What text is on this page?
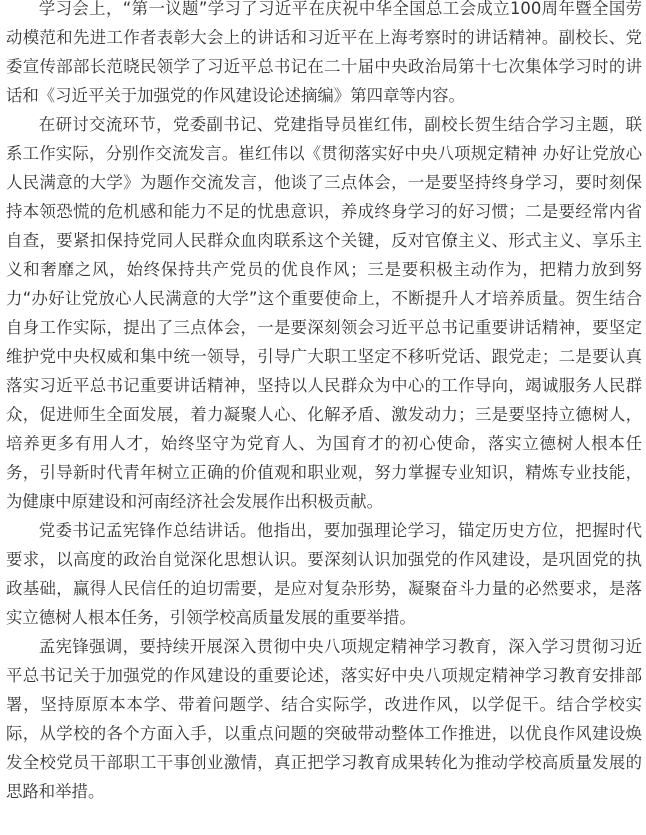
学习会上，“第一议题”学习了习近平在庆祝中华全国总工会成立100周年暨全国劳动模范和先进工作者表彰大会上的讲话和习近平在上海考察时的讲话精神。副校长、党委宣传部部长范晓民领学了习近平总书记在二十届中央政治局第十七次集体学习时的讲话和《习近平关于加强党的作风建设论述摘编》第四章等内容。

在研讨交流环节，党委副书记、党建指导员崔红伟，副校长贺生结合学习主题，联系工作实际，分别作交流发言。崔红伟以《贯彻落实好中央八项规定精神 办好让党放心人民满意的大学》为题作交流发言，他谈了三点体会，一是要坚持终身学习，要时刻保持本领恐慌的危机感和能力不足的忧患意识，养成终身学习的好习惯；二是要经常内省自查，要紧扣保持党同人民群众血肉联系这个关键，反对官僚主义、形式主义、享乐主义和奢靡之风，始终保持共产党员的优良作风；三是要积极主动作为，把精力放到努力“办好让党放心人民满意的大学”这个重要使命上，不断提升人才培养质量。贺生结合自身工作实际，提出了三点体会，一是要深刻领会习近平总书记重要讲话精神，要坚定维护党中央权威和集中统一领导，引导广大职工坚定不移听党话、跟党走；二是要认真落实习近平总书记重要讲话精神，坚持以人民群众为中心的工作导向，竭诚服务人民群众，促进师生全面发展，着力凝聚人心、化解矛盾、激发动力；三是要坚持立德树人，培养更多有用人才，始终坚守为党育人、为国育才的初心使命，落实立德树人根本任务，引导新时代青年树立正确的价值观和职业观，努力掌握专业知识，精炼专业技能，为健康中原建设和河南经济社会发展作出积极贡献。

党委书记孟宪锋作总结讲话。他指出，要加强理论学习，锚定历史方位，把握时代要求，以高度的政治自觉深化思想认识。要深刻认识加强党的作风建设，是巩固党的执政基础，赢得人民信任的迫切需要，是应对复杂形势，凝聚奋斗力量的必然要求，是落实立德树人根本任务，引领学校高质量发展的重要举措。

孟宪锋强调，要持续开展深入贯彻中央八项规定精神学习教育，深入学习贯彻习近平总书记关于加强党的作风建设的重要论述，落实好中央八项规定精神学习教育安排部署，坚持原原本本学、带着问题学、结合实际学，改进作风，以学促干。结合学校实际，从学校的各个方面入手，以重点问题的突破带动整体工作推进，以优良作风建设焕发全校党员干部职工干事创业激情，真正把学习教育成果转化为推动学校高质量发展的思路和举措。
